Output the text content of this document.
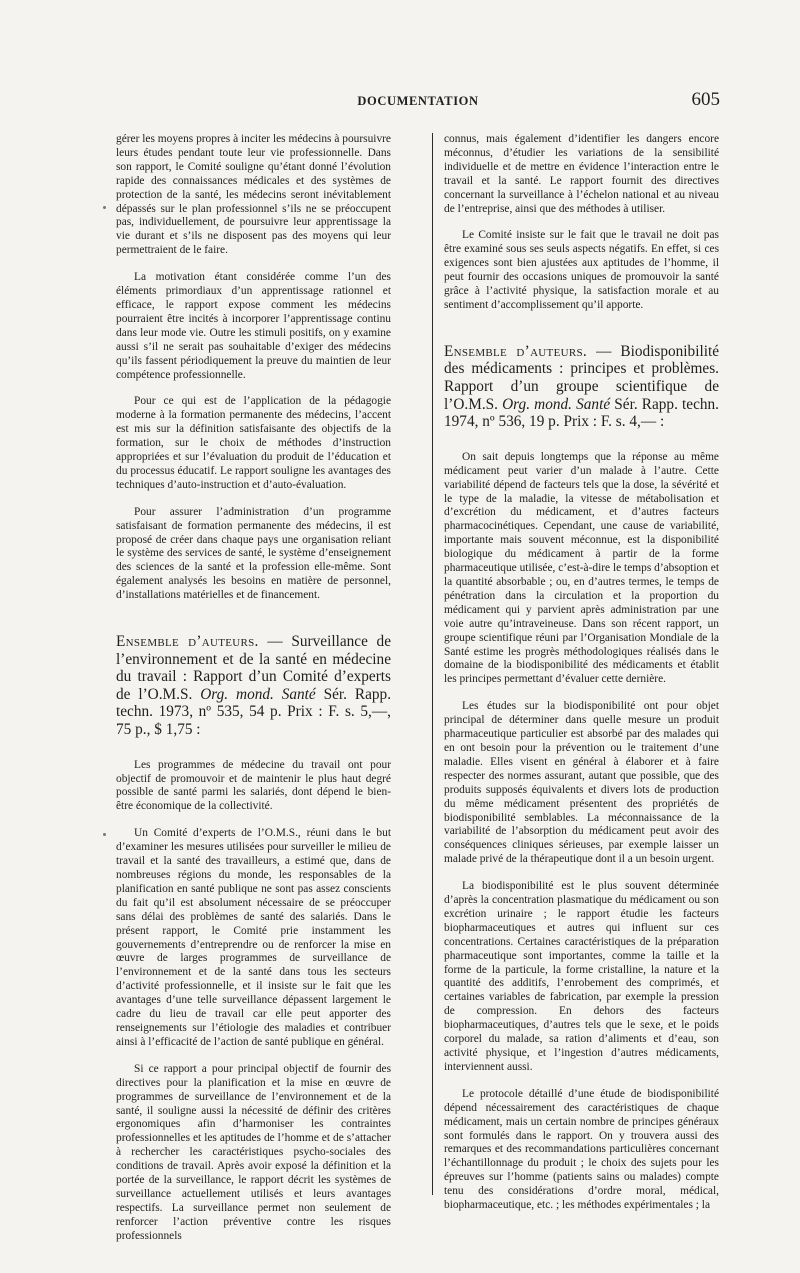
DOCUMENTATION	605

gérer les moyens propres à inciter les médecins à poursuivre leurs études pendant toute leur vie professionnelle. Dans son rapport, le Comité souligne qu’étant donné l’évolution rapide des connaissances médicales et des systèmes de protection de la santé, les médecins seront inévitablement dépassés sur le plan professionnel s’ils ne se préoccupent pas, individuellement, de poursuivre leur apprentissage la vie durant et s’ils ne disposent pas des moyens qui leur permettraient de le faire.

La motivation étant considérée comme l’un des éléments primordiaux d’un apprentissage rationnel et efficace, le rapport expose comment les médecins pourraient être incités à incorporer l’apprentissage continu dans leur mode vie. Outre les stimuli positifs, on y examine aussi s’il ne serait pas souhaitable d’exiger des médecins qu’ils fassent périodiquement la preuve du maintien de leur compétence professionnelle.

Pour ce qui est de l’application de la pédagogie moderne à la formation permanente des médecins, l’accent est mis sur la définition satisfaisante des objectifs de la formation, sur le choix de méthodes d’instruction appropriées et sur l’évaluation du produit de l’éducation et du processus éducatif. Le rapport souligne les avantages des techniques d’auto-instruction et d’auto-évaluation.

Pour assurer l’administration d’un programme satisfaisant de formation permanente des médecins, il est proposé de créer dans chaque pays une organisation reliant le système des services de santé, le système d’enseignement des sciences de la santé et la profession elle-même. Sont également analysés les besoins en matière de personnel, d’installations matérielles et de financement.

Ensemble d’auteurs. — Surveillance de l’environnement et de la santé en médecine du travail : Rapport d’un Comité d’experts de l’O.M.S. Org. mond. Santé Sér. Rapp. techn. 1973, nº 535, 54 p. Prix : F. s. 5,—, 75 p., $ 1,75 :

Les programmes de médecine du travail ont pour objectif de promouvoir et de maintenir le plus haut degré possible de santé parmi les salariés, dont dépend le bien-être économique de la collectivité.

Un Comité d’experts de l’O.M.S., réuni dans le but d’examiner les mesures utilisées pour surveiller le milieu de travail et la santé des travailleurs, a estimé que, dans de nombreuses régions du monde, les responsables de la planification en santé publique ne sont pas assez conscients du fait qu’il est absolument nécessaire de se préoccuper sans délai des problèmes de santé des salariés. Dans le présent rapport, le Comité prie instamment les gouvernements d’entreprendre ou de renforcer la mise en œuvre de larges programmes de surveillance de l’environnement et de la santé dans tous les secteurs d’activité professionnelle, et il insiste sur le fait que les avantages d’une telle surveillance dépassent largement le cadre du lieu de travail car elle peut apporter des renseignements sur l’étiologie des maladies et contribuer ainsi à l’efficacité de l’action de santé publique en général.

Si ce rapport a pour principal objectif de fournir des directives pour la planification et la mise en œuvre de programmes de surveillance de l’environnement et de la santé, il souligne aussi la nécessité de définir des critères ergonomiques afin d’harmoniser les contraintes professionnelles et les aptitudes de l’homme et de s’attacher à rechercher les caractéristiques psycho-sociales des conditions de travail. Après avoir exposé la définition et la portée de la surveillance, le rapport décrit les systèmes de surveillance actuellement utilisés et leurs avantages respectifs. La surveillance permet non seulement de renforcer l’action préventive contre les risques professionnels

connus, mais également d’identifier les dangers encore méconnus, d’étudier les variations de la sensibilité individuelle et de mettre en évidence l’interaction entre le travail et la santé. Le rapport fournit des directives concernant la surveillance à l’échelon national et au niveau de l’entreprise, ainsi que des méthodes à utiliser.

Le Comité insiste sur le fait que le travail ne doit pas être examiné sous ses seuls aspects négatifs. En effet, si ces exigences sont bien ajustées aux aptitudes de l’homme, il peut fournir des occasions uniques de promouvoir la santé grâce à l’activité physique, la satisfaction morale et au sentiment d’accomplissement qu’il apporte.

Ensemble d’auteurs. — Biodisponibilité des médicaments : principes et problèmes. Rapport d’un groupe scientifique de l’O.M.S. Org. mond. Santé Sér. Rapp. techn. 1974, nº 536, 19 p. Prix : F. s. 4,— :

On sait depuis longtemps que la réponse au même médicament peut varier d’un malade à l’autre. Cette variabilité dépend de facteurs tels que la dose, la sévérité et le type de la maladie, la vitesse de métabolisation et d’excrétion du médicament, et d’autres facteurs pharmacocinétiques. Cependant, une cause de variabilité, importante mais souvent méconnue, est la disponibilité biologique du médicament à partir de la forme pharmaceutique utilisée, c’est-à-dire le temps d’absoption et la quantité absorbable ; ou, en d’autres termes, le temps de pénétration dans la circulation et la proportion du médicament qui y parvient après administration par une voie autre qu’intraveineuse. Dans son récent rapport, un groupe scientifique réuni par l’Organisation Mondiale de la Santé estime les progrès méthodologiques réalisés dans le domaine de la biodisponibilité des médicaments et établit les principes permettant d’évaluer cette dernière.

Les études sur la biodisponibilité ont pour objet principal de déterminer dans quelle mesure un produit pharmaceutique particulier est absorbé par des malades qui en ont besoin pour la prévention ou le traitement d’une maladie. Elles visent en général à élaborer et à faire respecter des normes assurant, autant que possible, que des produits supposés équivalents et divers lots de production du même médicament présentent des propriétés de biodisponibilité semblables. La méconnaissance de la variabilité de l’absorption du médicament peut avoir des conséquences cliniques sérieuses, par exemple laisser un malade privé de la thérapeutique dont il a un besoin urgent.

La biodisponibilité est le plus souvent déterminée d’après la concentration plasmatique du médicament ou son excrétion urinaire ; le rapport étudie les facteurs biopharmaceutiques et autres qui influent sur ces concentrations. Certaines caractéristiques de la préparation pharmaceutique sont importantes, comme la taille et la forme de la particule, la forme cristalline, la nature et la quantité des additifs, l’enrobement des comprimés, et certaines variables de fabrication, par exemple la pression de compression. En dehors des facteurs biopharmaceutiques, d’autres tels que le sexe, et le poids corporel du malade, sa ration d’aliments et d’eau, son activité physique, et l’ingestion d’autres médicaments, interviennent aussi.

Le protocole détaillé d’une étude de biodisponibilité dépend nécessairement des caractéristiques de chaque médicament, mais un certain nombre de principes généraux sont formulés dans le rapport. On y trouvera aussi des remarques et des recommandations particulières concernant l’échantillonnage du produit ; le choix des sujets pour les épreuves sur l’homme (patients sains ou malades) compte tenu des considérations d’ordre moral, médical, biopharmaceutique, etc. ; les méthodes expérimentales ; la
